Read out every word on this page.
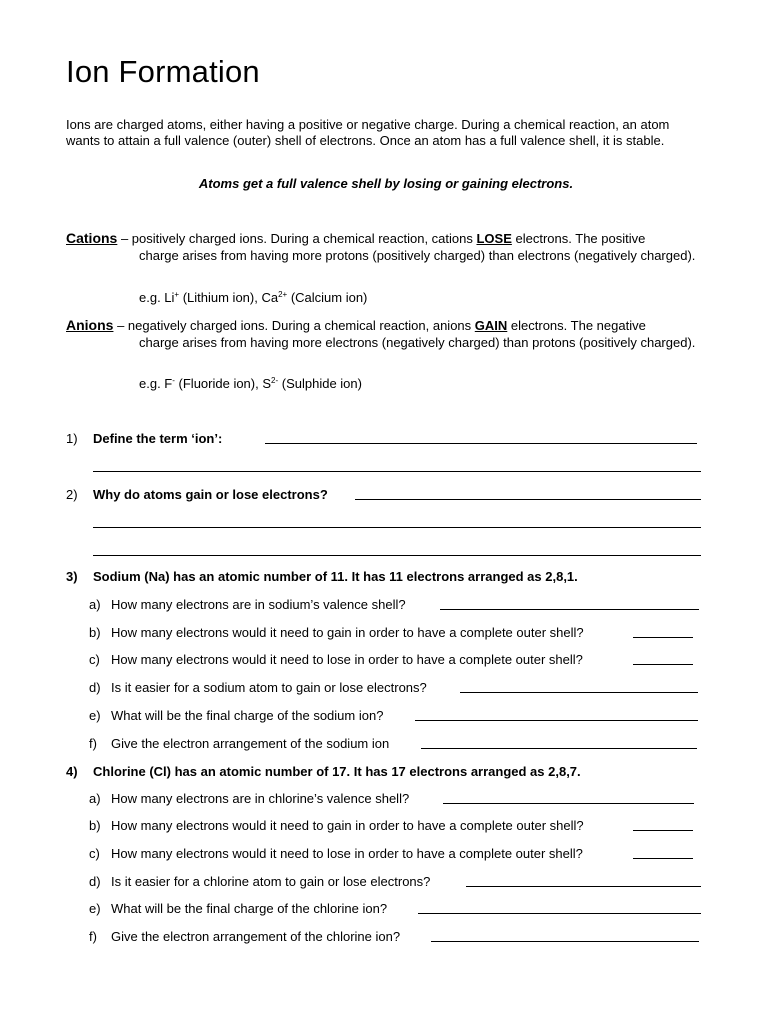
Ion Formation
Ions are charged atoms, either having a positive or negative charge. During a chemical reaction, an atom wants to attain a full valence (outer) shell of electrons. Once an atom has a full valence shell, it is stable.
Atoms get a full valence shell by losing or gaining electrons.
Cations – positively charged ions. During a chemical reaction, cations LOSE electrons. The positive
charge arises from having more protons (positively charged) than electrons (negatively charged).
e.g. Li+ (Lithium ion), $Ca^{2+}$ (Calcium ion)
Anions – negatively charged ions. During a chemical reaction, anions GAIN electrons. The negative
charge arises from having more electrons (negatively charged) than protons (positively charged).
e.g. F- (Fluoride ion), $S^{2-}$ (Sulphide ion)
1) Define the term ‘ion’:
2) Why do atoms gain or lose electrons?
3) Sodium (Na) has an atomic number of 11. It has 11 electrons arranged as 2,8,1.
a) How many electrons are in sodium’s valence shell?
b) How many electrons would it need to gain in order to have a complete outer shell?
c) How many electrons would it need to lose in order to have a complete outer shell?
d) Is it easier for a sodium atom to gain or lose electrons?
e) What will be the final charge of the sodium ion?
f) Give the electron arrangement of the sodium ion
4) Chlorine (Cl) has an atomic number of 17. It has 17 electrons arranged as 2,8,7.
a) How many electrons are in chlorine’s valence shell?
b) How many electrons would it need to gain in order to have a complete outer shell?
c) How many electrons would it need to lose in order to have a complete outer shell?
d) Is it easier for a chlorine atom to gain or lose electrons?
e) What will be the final charge of the chlorine ion?
f) Give the electron arrangement of the chlorine ion?
